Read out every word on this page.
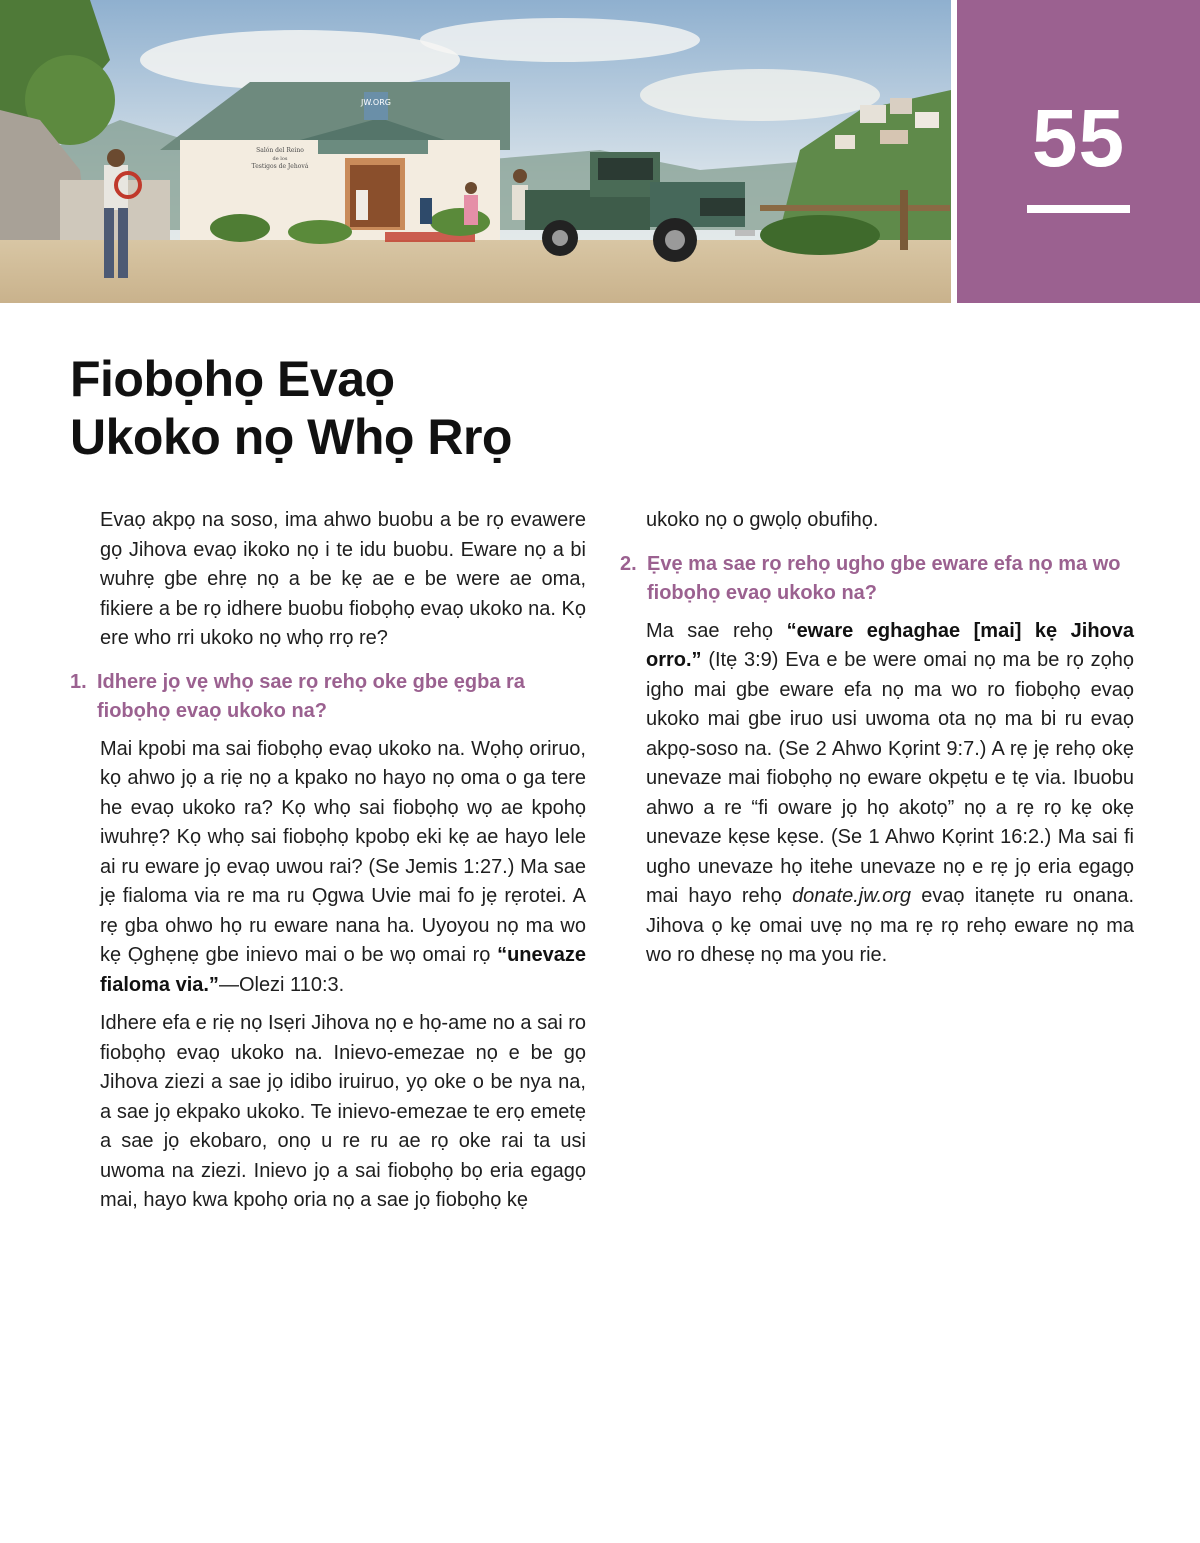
JW.ORG
Salón del Reino
de los
Testigos de Jehová	55
Fiobọhọ Evaọ
Ukoko nọ Whọ Rrọ

Evaọ akpọ na soso, ima ahwo buobu a be rọ evawere gọ Jihova evaọ ikoko nọ i te idu buobu. Eware nọ a bi wuhrẹ gbe ehrẹ nọ a be kẹ ae e be were ae oma, fikiere a be rọ idhere buobu fiobọhọ evaọ ukoko na. Kọ ere who rri ukoko nọ whọ rrọ re?

1. Idhere jọ vẹ whọ sae rọ rehọ oke gbe ẹgba ra fiobọhọ evaọ ukoko na?

Mai kpobi ma sai fiobọhọ evaọ ukoko na. Wọhọ oriruo, kọ ahwo jọ a riẹ nọ a kpako no hayo nọ oma o ga tere he evaọ ukoko ra? Kọ whọ sai fiobọhọ wọ ae kpohọ iwuhrẹ? Kọ whọ sai fiobọhọ kpobọ eki kẹ ae hayo lele ai ru eware jọ evaọ uwou rai? (Se Jemis 1:27.) Ma sae jẹ fialoma via re ma ru Ọgwa Uvie mai fo jẹ rẹrotei. A rẹ gba ohwo họ ru eware nana ha. Uyoyou nọ ma wo kẹ Ọghẹnẹ gbe inievo mai o be wọ omai rọ “unevaze fialoma via.”—Olezi 110:3.

Idhere efa e riẹ nọ Isẹri Jihova nọ e họ-ame no a sai ro fiobọhọ evaọ ukoko na. Inievo-emezae nọ e be gọ Jihova ziezi a sae jọ idibo iruiruo, yọ oke o be nya na, a sae jọ ekpako ukoko. Te inievo-emezae te erọ emetẹ a sae jọ ekobaro, onọ u re ru ae rọ oke rai ta usi uwoma na ziezi. Inievo jọ a sai fiobọhọ bọ eria egagọ mai, hayo kwa kpohọ oria nọ a sae jọ fiobọhọ kẹ

ukoko nọ o gwọlọ obufihọ.

2. Ẹvẹ ma sae rọ rehọ ugho gbe eware efa nọ ma wo fiobọhọ evaọ ukoko na?

Ma sae rehọ “eware eghaghae [mai] kẹ Jihova orro.” (Itẹ 3:9) Eva e be were omai nọ ma be rọ zọhọ igho mai gbe eware efa nọ ma wo ro fiobọhọ evaọ ukoko mai gbe iruo usi uwoma ota nọ ma bi ru evaọ akpọ-soso na. (Se 2 Ahwo Kọrint 9:7.) A rẹ jẹ rehọ okẹ unevaze mai fiobọhọ nọ eware okpẹtu e tẹ via. Ibuobu ahwo a re “fi oware jọ họ akotọ” nọ a rẹ rọ kẹ okẹ unevaze kẹse kẹse. (Se 1 Ahwo Kọrint 16:2.) Ma sai fi ugho unevaze họ itehe unevaze nọ e rẹ jọ eria egagọ mai hayo rehọ donate.jw.org evaọ itanẹte ru onana. Jihova ọ kẹ omai uvẹ nọ ma rẹ rọ rehọ eware nọ ma wo ro dhesẹ nọ ma you rie.
